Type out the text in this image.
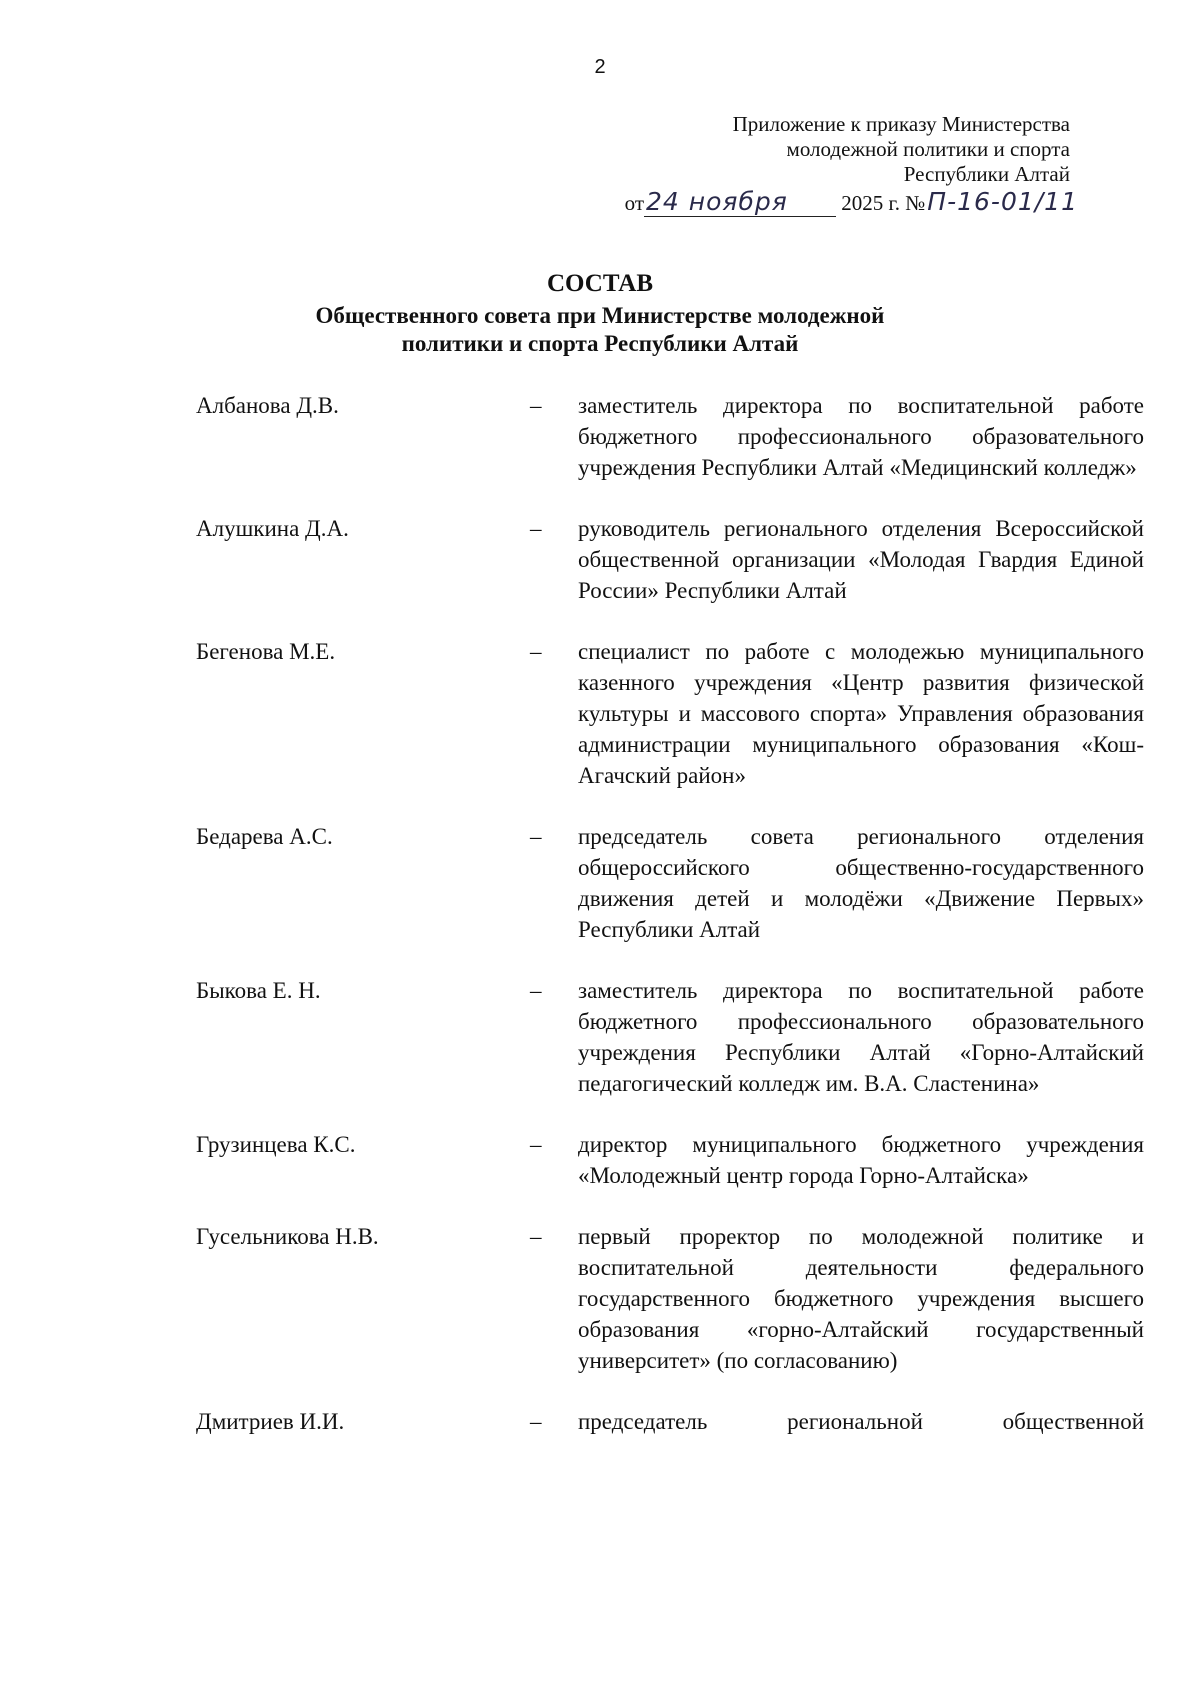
2
Приложение к приказу Министерства
молодежной политики и спорта
Республики Алтай
от24 ноября	2025 г. №П-16-01/11
СОСТАВ
Общественного совета при Министерстве молодежной
политики и спорта Республики Алтай
Албанова Д.В.	– заместитель директора по воспитательной работе бюджетного профессионального образовательного учреждения Республики Алтай «Медицинский колледж»
Алушкина Д.А.	– руководитель регионального отделения Всероссийской общественной организации «Молодая Гвардия Единой России» Республики Алтай
Бегенова М.Е.	– специалист по работе с молодежью муниципального казенного учреждения «Центр развития физической культуры и массового спорта» Управления образования администрации муниципального образования «Кош-Агачский район»
Бедарева А.С.	– председатель совета регионального отделения общероссийского общественно-государственного движения детей и молодёжи «Движение Первых» Республики Алтай
Быкова Е. Н.	– заместитель директора по воспитательной работе бюджетного профессионального образовательного учреждения Республики Алтай «Горно-Алтайский педагогический колледж им. В.А. Сластенина»
Грузинцева К.С.	– директор муниципального бюджетного учреждения «Молодежный центр города Горно-Алтайска»
Гусельникова Н.В.	– первый проректор по молодежной политике и воспитательной деятельности федерального государственного бюджетного учреждения высшего образования «горно-Алтайский государственный университет» (по согласованию)
Дмитриев И.И.	– председатель региональной общественной
